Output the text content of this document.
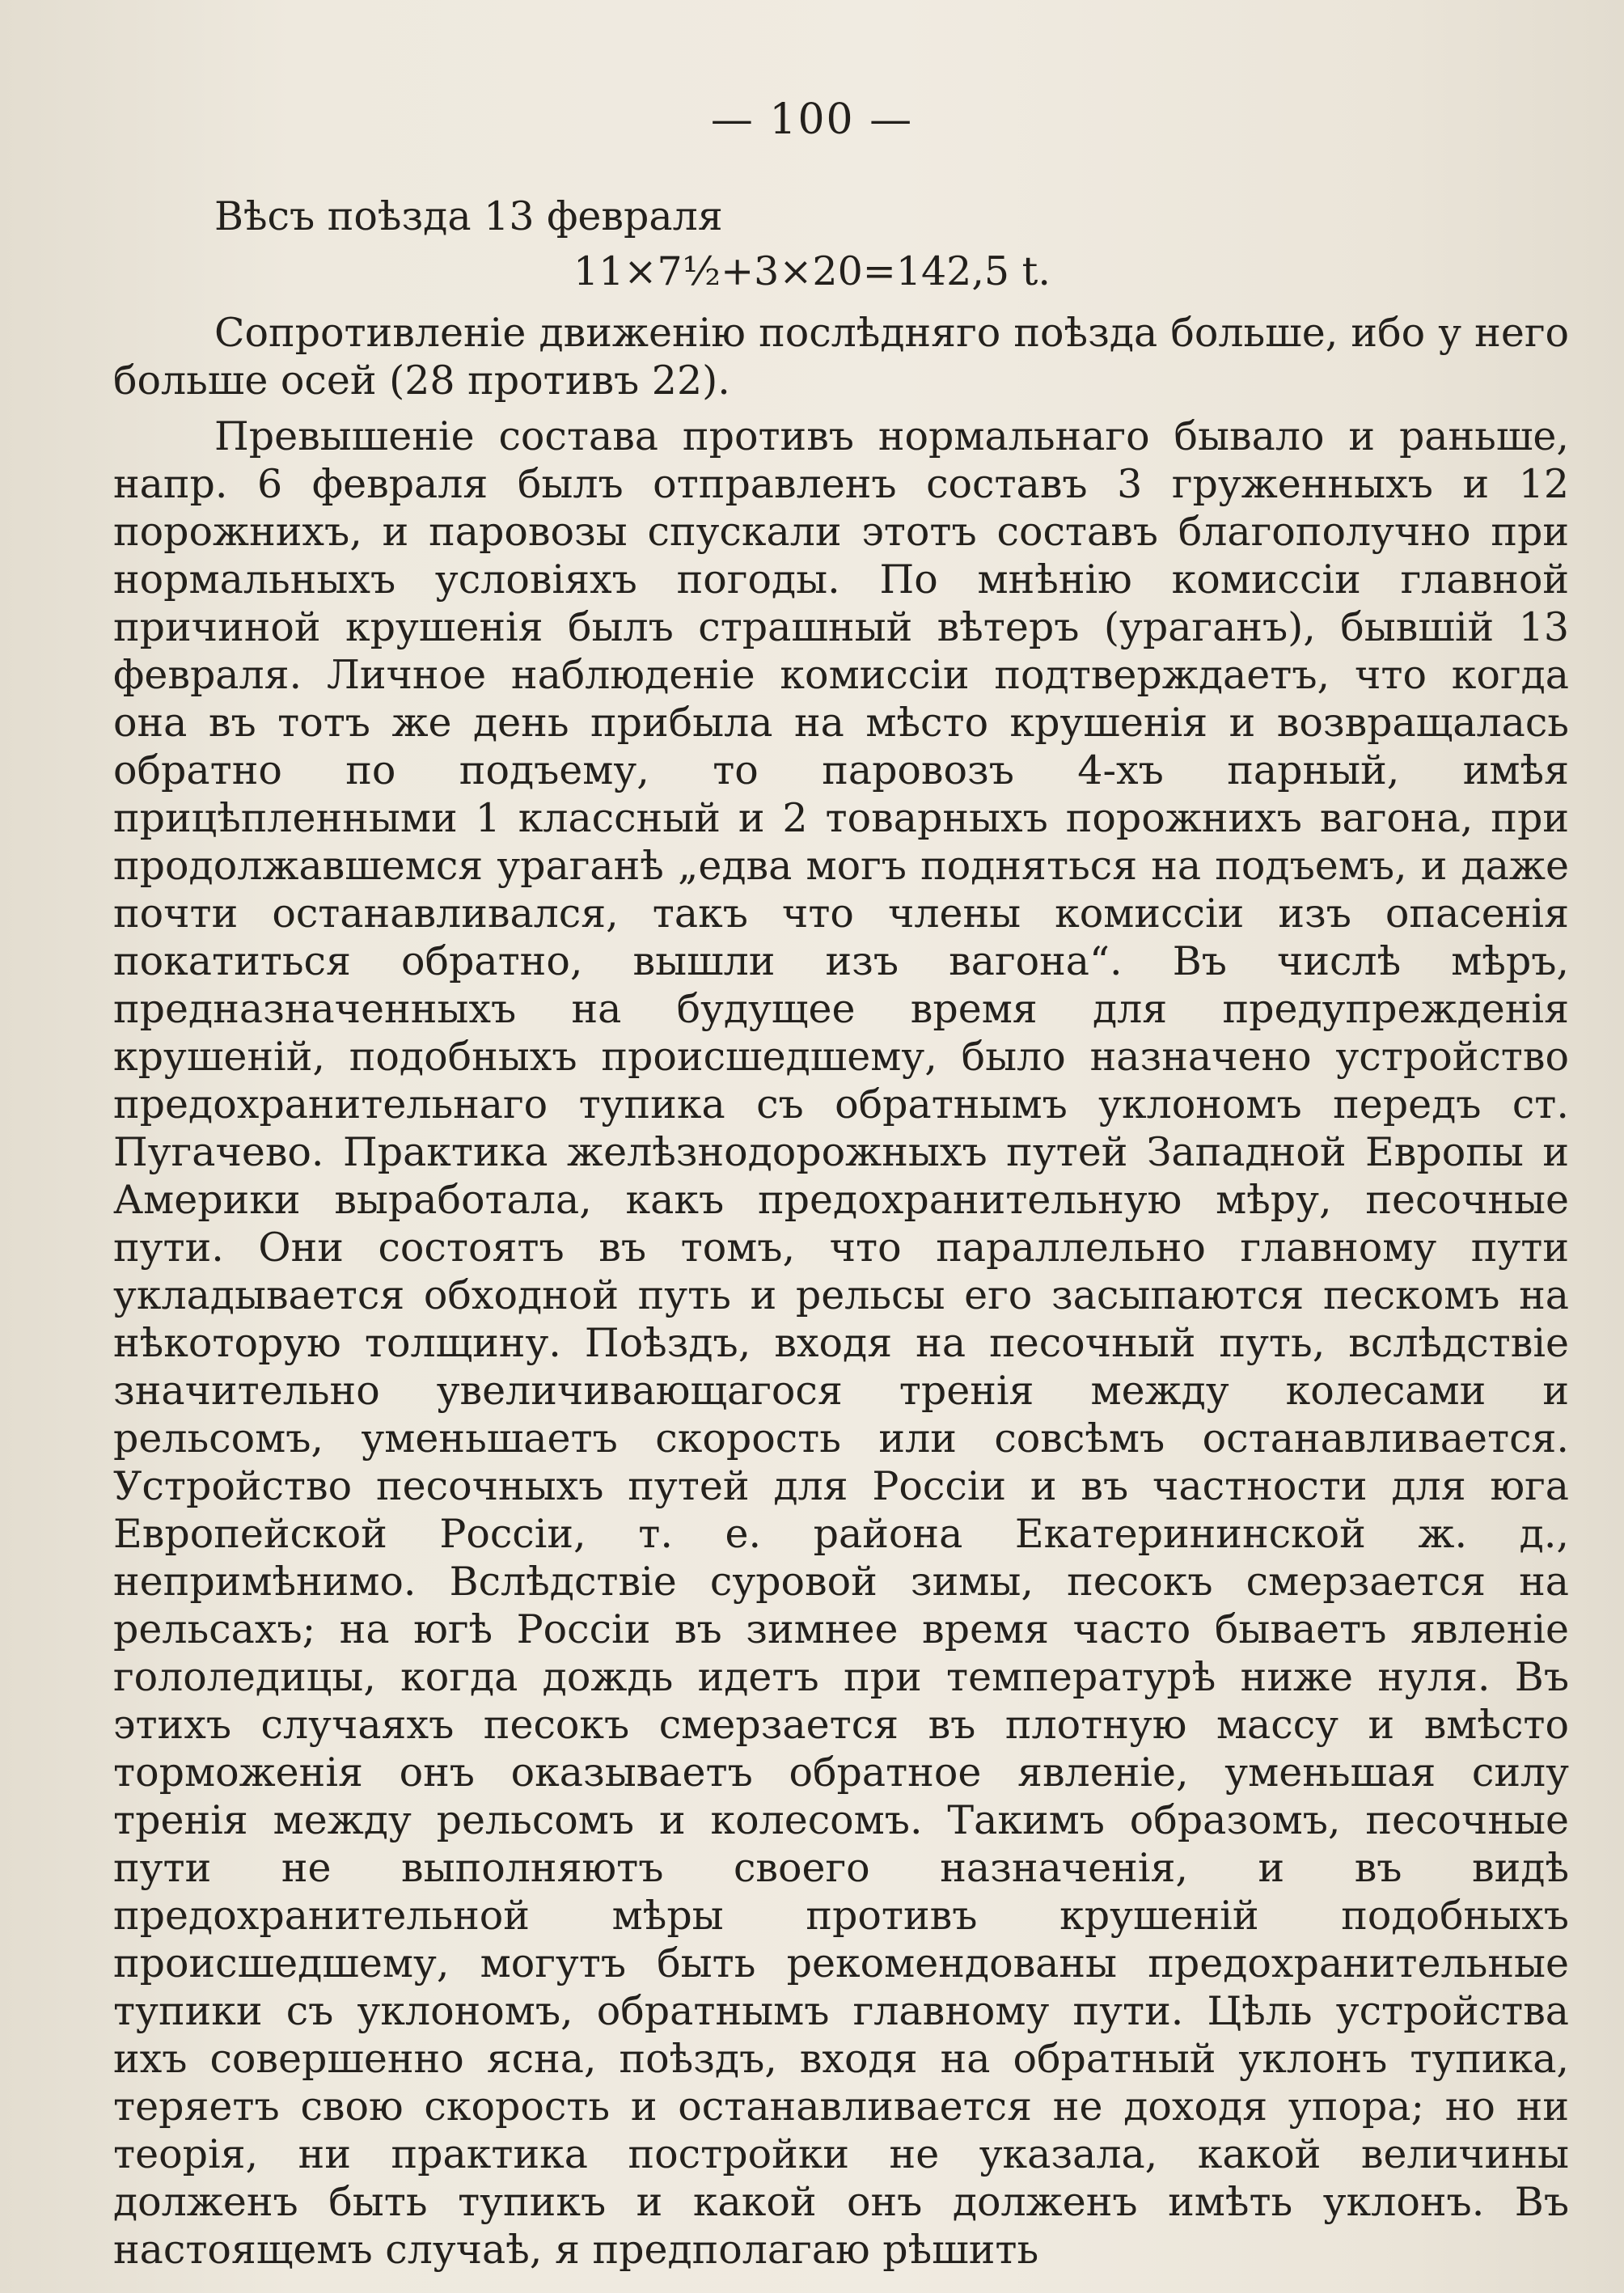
— 100 —

Вѣсъ поѣзда 13 февраля

11×7½+3×20=142,5 t.

Сопротивленіе движенію послѣдняго поѣзда больше, ибо у него больше осей (28 противъ 22).

Превышеніе состава противъ нормальнаго бывало и раньше, напр. 6 февраля былъ отправленъ составъ 3 груженныхъ и 12 порожнихъ, и паровозы спускали этотъ составъ благополучно при нормальныхъ условіяхъ погоды. По мнѣнію комиссіи главной причиной крушенія былъ страшный вѣтеръ (ураганъ), бывшій 13 февраля. Личное наблюденіе комиссіи подтверждаетъ, что когда она въ тотъ же день прибыла на мѣсто крушенія и возвращалась обратно по подъему, то паровозъ 4-хъ парный, имѣя прицѣпленными 1 классный и 2 товарныхъ порожнихъ вагона, при продолжавшемся ураганѣ „едва могъ подняться на подъемъ, и даже почти останавливался, такъ что члены комиссіи изъ опасенія покатиться обратно, вышли изъ вагона“. Въ числѣ мѣръ, предназначенныхъ на будущее время для предупрежденія крушеній, подобныхъ происшедшему, было назначено устройство предохранительнаго тупика съ обратнымъ уклономъ передъ ст. Пугачево. Практика желѣзнодорожныхъ путей Западной Европы и Америки выработала, какъ предохранительную мѣру, песочные пути. Они состоятъ въ томъ, что параллельно главному пути укладывается обходной путь и рельсы его засыпаются пескомъ на нѣкоторую толщину. Поѣздъ, входя на песочный путь, вслѣдствіе значительно увеличивающагося тренія между колесами и рельсомъ, уменьшаетъ скорость или совсѣмъ останавливается. Устройство песочныхъ путей для Россіи и въ частности для юга Европейской Россіи, т. е. района Екатерининской ж. д., непримѣнимо. Вслѣдствіе суровой зимы, песокъ смерзается на рельсахъ; на югѣ Россіи въ зимнее время часто бываетъ явленіе гололедицы, когда дождь идетъ при температурѣ ниже нуля. Въ этихъ случаяхъ песокъ смерзается въ плотную массу и вмѣсто торможенія онъ оказываетъ обратное явленіе, уменьшая силу тренія между рельсомъ и колесомъ. Такимъ образомъ, песочные пути не выполняютъ своего назначенія, и въ видѣ предохранительной мѣры противъ крушеній подобныхъ происшедшему, могутъ быть рекомендованы предохранительные тупики съ уклономъ, обратнымъ главному пути. Цѣль устройства ихъ совершенно ясна, поѣздъ, входя на обратный уклонъ тупика, теряетъ свою скорость и останавливается не доходя упора; но ни теорія, ни практика постройки не указала, какой величины долженъ быть тупикъ и какой онъ долженъ имѣть уклонъ. Въ настоящемъ случаѣ, я предполагаю рѣшить
